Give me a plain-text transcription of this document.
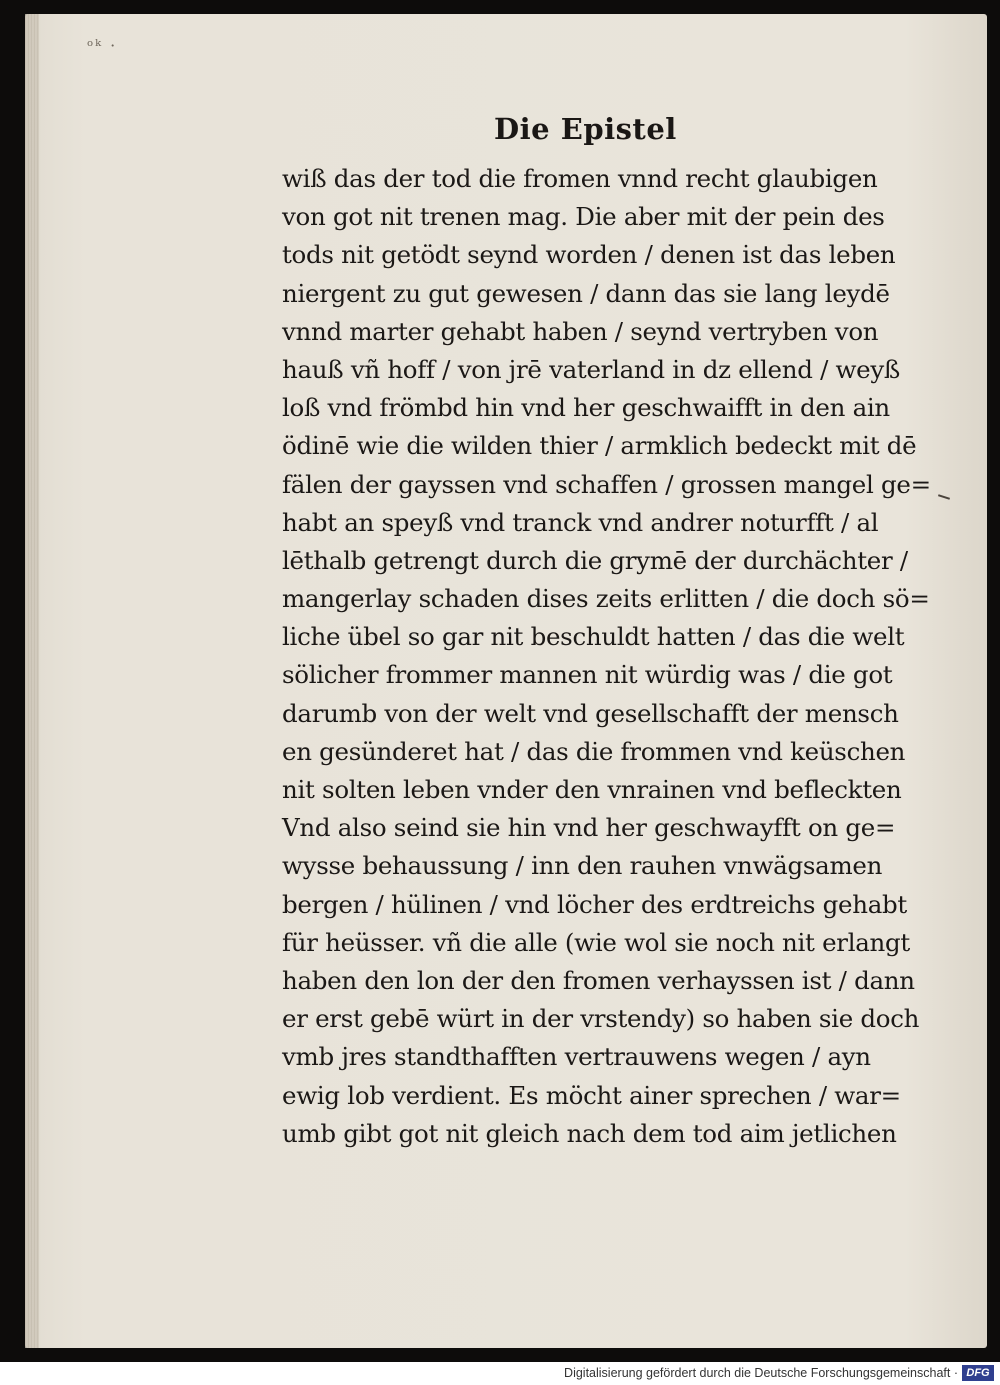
ᵒᵏ ·
Die Epistel
wiß das der tod die fromen vnnd recht glaubigen
von got nit trenen mag. Die aber mit der pein des
tods nit getödt seynd worden / denen ist das leben
niergent zu gut gewesen / dann das sie lang leydē
vnnd marter gehabt haben / seynd vertryben von
hauß vñ hoff / von jrē vaterland in dz ellend / weyß
loß vnd frömbd hin vnd her geschwaifft in den ain
ödinē wie die wilden thier / armklich bedeckt mit dē
fälen der gayssen vnd schaffen / grossen mangel ge=
habt an speyß vnd tranck vnd andrer noturfft / al
lēthalb getrengt durch die grymē der durchächter /
mangerlay schaden dises zeits erlitten / die doch sö=
liche übel so gar nit beschuldt hatten / das die welt
sölicher frommer mannen nit würdig was / die got
darumb von der welt vnd gesellschafft der mensch
en gesünderet hat / das die frommen vnd keüschen
nit solten leben vnder den vnrainen vnd befleckten
Vnd also seind sie hin vnd her geschwayfft on ge=
wysse behaussung / inn den rauhen vnwägsamen
bergen / hülinen / vnd löcher des erdtreichs gehabt
für heüsser. vñ die alle (wie wol sie noch nit erlangt
haben den lon der den fromen verhayssen ist / dann
er erst gebē würt in der vrstendy) so haben sie doch
vmb jres standthafften vertrauwens wegen / ayn
ewig lob verdient. Es möcht ainer sprechen / war=
umb gibt got nit gleich nach dem tod aim jetlichen
Digitalisierung gefördert durch die Deutsche Forschungsgemeinschaft · DFG
